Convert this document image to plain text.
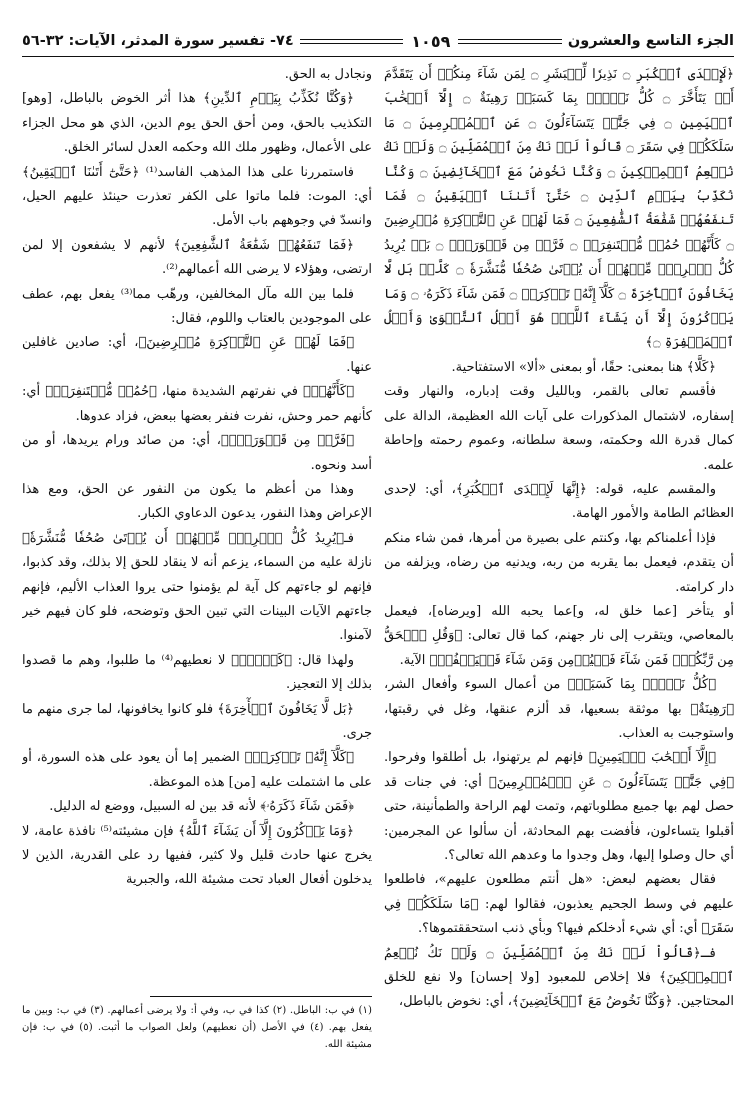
الجزء التاسع والعشرون
١٠٥٩
٧٤- تفسير سورة المدثر، الآيات: ٣٢-٥٦

﴿لَإِحۡدَى ٱلۡكُبَرِ ۝ نَذِيرٗا لِّلۡبَشَرِ ۝ لِمَن شَآءَ مِنكُمۡ أَن يَتَقَدَّمَ أَوۡ يَتَأَخَّرَ ۝ كُلُّ نَفۡسِۭ بِمَا كَسَبَتۡ رَهِينَةٌ ۝ إِلَّآ أَصۡحَٰبَ ٱلۡيَمِينِ ۝ فِي جَنَّٰتٖ يَتَسَآءَلُونَ ۝ عَنِ ٱلۡمُجۡرِمِينَ ۝ مَا سَلَكَكُمۡ فِي سَقَرَ ۝ قَالُواْ لَمۡ نَكُ مِنَ ٱلۡمُصَلِّينَ ۝ وَلَمۡ نَكُ نُطۡعِمُ ٱلۡمِسۡكِينَ ۝ وَكُنَّا نَخُوضُ مَعَ ٱلۡخَآئِضِينَ ۝ وَكُنَّا نُكَذِّبُ بِيَوۡمِ ٱلدِّينِ ۝ حَتَّىٰٓ أَتَىٰنَا ٱلۡيَقِينُ ۝ فَمَا تَنفَعُهُمۡ شَفَٰعَةُ ٱلشَّٰفِعِينَ ۝ فَمَا لَهُمۡ عَنِ ٱلتَّذۡكِرَةِ مُعۡرِضِينَ ۝ كَأَنَّهُمۡ حُمُرٞ مُّسۡتَنفِرَةٞ ۝ فَرَّتۡ مِن قَسۡوَرَةِۭ ۝ بَلۡ يُرِيدُ كُلُّ ٱمۡرِيٕٖ مِّنۡهُمۡ أَن يُؤۡتَىٰ صُحُفٗا مُّنَشَّرَةٗ ۝ كَلَّاۖ بَل لَّا يَخَافُونَ ٱلۡأٓخِرَةَ ۝ كَلَّآ إِنَّهُۥ تَذۡكِرَةٞ ۝ فَمَن شَآءَ ذَكَرَهُۥ ۝ وَمَا يَذۡكُرُونَ إِلَّآ أَن يَشَآءَ ٱللَّهُۚ هُوَ أَهۡلُ ٱلتَّقۡوَىٰ وَأَهۡلُ ٱلۡمَغۡفِرَةِ ۝﴾

﴿كَلَّا﴾ هنا بمعنى: حقًا، أو بمعنى «ألا» الاستفتاحية.

فأقسم تعالى بالقمر، وبالليل وقت إدباره، والنهار وقت إسفاره، لاشتمال المذكورات على آيات الله العظيمة، الدالة على كمال قدرة الله وحكمته، وسعة سلطانه، وعموم رحمته وإحاطة علمه.

والمقسم عليه، قوله: ﴿إِنَّهَا لَإِحۡدَى ٱلۡكُبَرِ﴾، أي: لإحدى العظائم الطامة والأمور الهامة.

فإذا أعلمناكم بها، وكنتم على بصيرة من أمرها، فمن شاء منكم أن يتقدم، فيعمل بما يقربه من ربه، ويدنيه من رضاه، ويزلفه من دار كرامته.

أو يتأخر [عما خلق له، و]عما يحبه الله [ويرضاه]، فيعمل بالمعاصي، ويتقرب إلى نار جهنم، كما قال تعالى: ﴿وَقُلِ ٱلۡحَقُّ مِن رَّبِّكُمۡۖ فَمَن شَآءَ فَلۡيُؤۡمِن وَمَن شَآءَ فَلۡيَكۡفُرۡ﴾ الآية.

﴿كُلُّ نَفۡسِۭ بِمَا كَسَبَتۡ﴾ من أعمال السوء وأفعال الشر، ﴿رَهِينَةٌ﴾ بها موثقة بسعيها، قد ألزم عنقها، وغل في رقبتها، واستوجبت به العذاب.

﴿إِلَّآ أَصۡحَٰبَ ٱلۡيَمِينِ﴾ فإنهم لم يرتهنوا، بل أطلقوا وفرحوا. ﴿فِي جَنَّٰتٖ يَتَسَآءَلُونَ ۝ عَنِ ٱلۡمُجۡرِمِينَ﴾ أي: في جنات قد حصل لهم بها جميع مطلوباتهم، وتمت لهم الراحة والطمأنينة، حتى أقبلوا يتساءلون، فأفضت بهم المحادثة، أن سألوا عن المجرمين: أي حال وصلوا إليها، وهل وجدوا ما وعدهم الله تعالى؟.

فقال بعضهم لبعض: «هل أنتم مطلعون عليهم»، فاطلعوا عليهم في وسط الجحيم يعذبون، فقالوا لهم: ﴿مَا سَلَكَكُمۡ فِي سَقَرَ﴾ أي: أي شيء أدخلكم فيها؟ وبأي ذنب استحققتموها؟.

فـ﴿قَالُواْ لَمۡ نَكُ مِنَ ٱلۡمُصَلِّينَ ۝ وَلَمۡ نَكُ نُطۡعِمُ ٱلۡمِسۡكِينَ﴾ فلا إخلاص للمعبود [ولا إحسان] ولا نفع للخلق المحتاجين. ﴿وَكُنَّا نَخُوضُ مَعَ ٱلۡخَآئِضِينَ﴾، أي: نخوض بالباطل،

ونجادل به الحق.

﴿وَكُنَّا نُكَذِّبُ بِيَوۡمِ ٱلدِّينِ﴾ هذا أثر الخوض بالباطل، [وهو] التكذيب بالحق، ومن أحق الحق يوم الدين، الذي هو محل الجزاء على الأعمال، وظهور ملك الله وحكمه العدل لسائر الخلق.

فاستمررنا على هذا المذهب الفاسد⁽¹⁾ ﴿حَتَّىٰٓ أَتَىٰنَا ٱلۡيَقِينُ﴾ أي: الموت: فلما ماتوا على الكفر تعذرت حينئذ عليهم الحيل، وانسدّ في وجوههم باب الأمل.

﴿فَمَا تَنفَعُهُمۡ شَفَٰعَةُ ٱلشَّٰفِعِينَ﴾ لأنهم لا يشفعون إلا لمن ارتضى، وهؤلاء لا يرضى الله أعمالهم⁽²⁾.

فلما بين الله مآل المخالفين، ورهّب مما⁽³⁾ يفعل بهم، عطف على الموجودين بالعتاب واللوم، فقال:

﴿فَمَا لَهُمۡ عَنِ ٱلتَّذۡكِرَةِ مُعۡرِضِينَ﴾، أي: صادين غافلين عنها.

﴿كَأَنَّهُمۡ﴾ في نفرتهم الشديدة منها، ﴿حُمُرٞ مُّسۡتَنفِرَةٞ﴾ أي: كأنهم حمر وحش، نفرت فنفر بعضها ببعض، فزاد عدوها.

﴿فَرَّتۡ مِن قَسۡوَرَةِۭ﴾، أي: من صائد ورام يريدها، أو من أسد ونحوه.

وهذا من أعظم ما يكون من النفور عن الحق، ومع هذا الإعراض وهذا النفور، يدعون الدعاوي الكبار.

فـ﴿يُرِيدُ كُلُّ ٱمۡرِيٕٖ مِّنۡهُمۡ أَن يُؤۡتَىٰ صُحُفٗا مُّنَشَّرَةٗ﴾ نازلة عليه من السماء، يزعم أنه لا ينقاد للحق إلا بذلك، وقد كذبوا، فإنهم لو جاءتهم كل آية لم يؤمنوا حتى يروا العذاب الأليم، فإنهم جاءتهم الآيات البينات التي تبين الحق وتوضحه، فلو كان فيهم خير لآمنوا.

ولهذا قال: ﴿كَلَّاۖ﴾ لا نعطيهم⁽⁴⁾ ما طلبوا، وهم ما قصدوا بذلك إلا التعجيز.

﴿بَل لَّا يَخَافُونَ ٱلۡأٓخِرَةَ﴾ فلو كانوا يخافونها، لما جرى منهم ما جرى.

﴿كَلَّآ إِنَّهُۥ تَذۡكِرَةٞ﴾ الضمير إما أن يعود على هذه السورة، أو على ما اشتملت عليه [من] هذه الموعظة.

﴿فَمَن شَآءَ ذَكَرَهُۥ﴾ لأنه قد بين له السبيل، ووضع له الدليل.

﴿وَمَا يَذۡكُرُونَ إِلَّآ أَن يَشَآءَ ٱللَّهُ﴾ فإن مشيئته⁽⁵⁾ نافذة عامة، لا يخرج عنها حادث قليل ولا كثير، ففيها رد على القدرية، الذين لا يدخلون أفعال العباد تحت مشيئة الله، والجبرية

(١) في ب: الباطل. (٢) كذا في ب، وفي أ: ولا يرضى أعمالهم. (٣) في ب: وبين ما يفعل بهم. (٤) في الأصل (أن نعطيهم) ولعل الصواب ما أثبت. (٥) في ب: فإن مشيئة الله.
